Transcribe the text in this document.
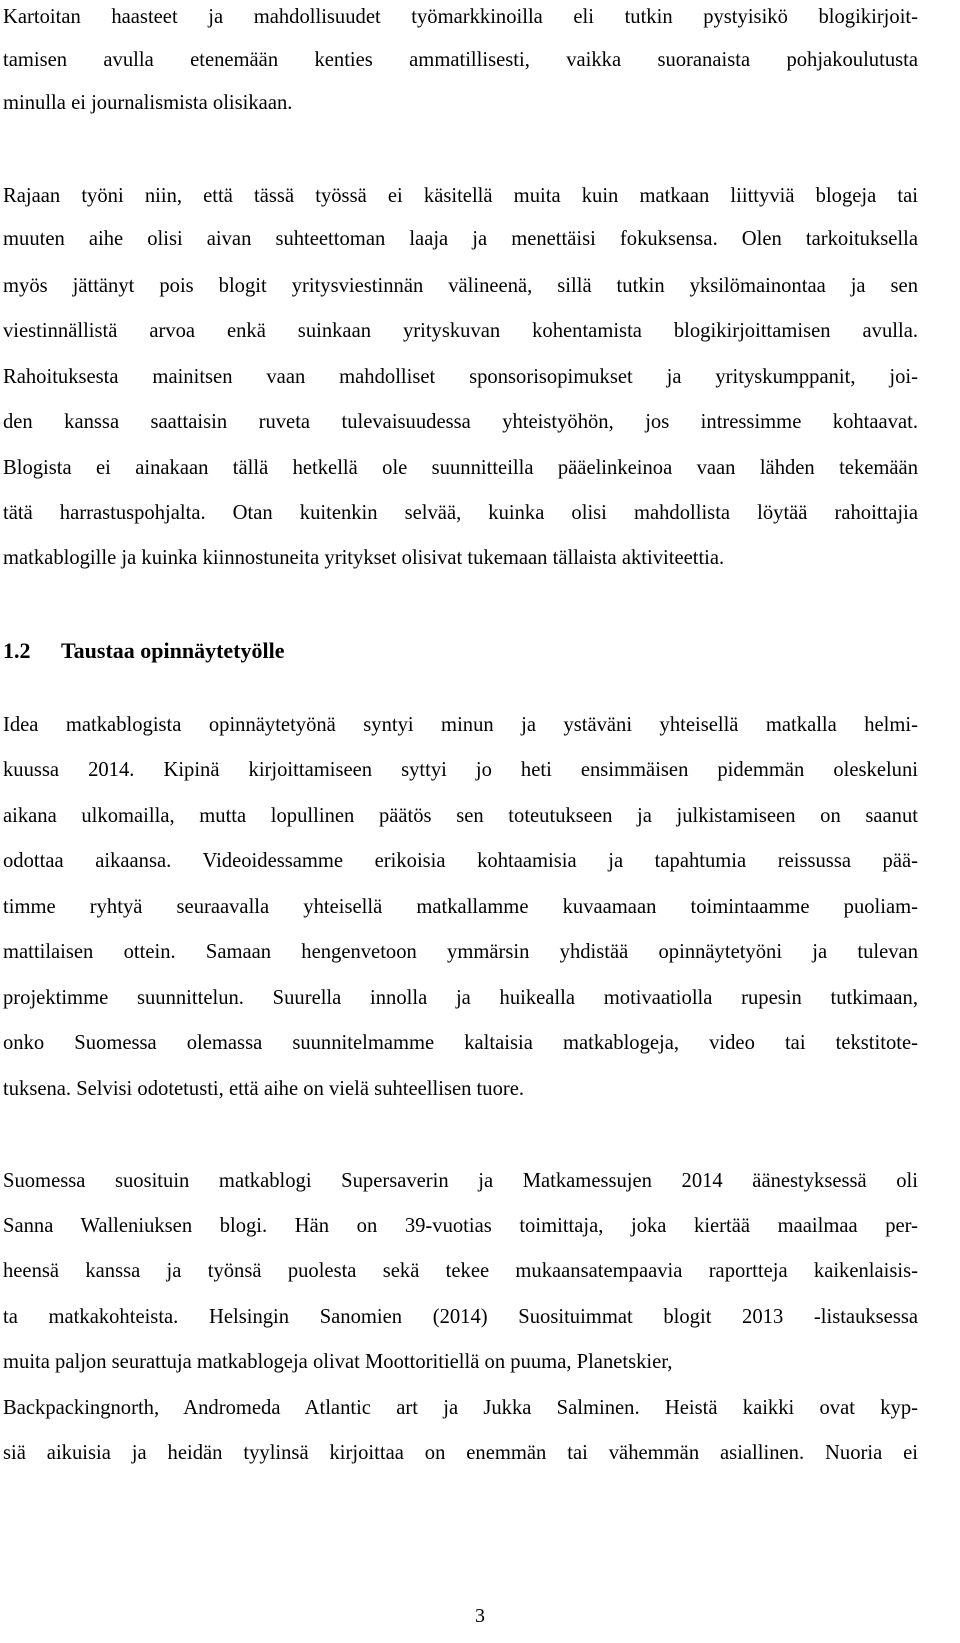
Kartoitan haasteet ja mahdollisuudet työmarkkinoilla eli tutkin pystyisikö blogikirjoit-
tamisen avulla etenemään kenties ammatillisesti, vaikka suoranaista pohjakoulutusta
minulla ei journalismista olisikaan.
Rajaan työni niin, että tässä työssä ei käsitellä muita kuin matkaan liittyviä blogeja tai
muuten aihe olisi aivan suhteettoman laaja ja menettäisi fokuksensa. Olen tarkoituksella
myös jättänyt pois blogit yritysviestinnän välineenä, sillä tutkin yksilömainontaa ja sen
viestinnällistä arvoa enkä suinkaan yrityskuvan kohentamista blogikirjoittamisen avulla.
Rahoituksesta mainitsen vaan mahdolliset sponsorisopimukset ja yrityskumppanit, joi-
den kanssa saattaisin ruveta tulevaisuudessa yhteistyöhön, jos intressimme kohtaavat.
Blogista ei ainakaan tällä hetkellä ole suunnitteilla pääelinkeinoa vaan lähden tekemään
tätä harrastuspohjalta. Otan kuitenkin selvää, kuinka olisi mahdollista löytää rahoittajia
matkablogille ja kuinka kiinnostuneita yritykset olisivat tukemaan tällaista aktiviteettia.
1.2 Taustaa opinnäytetyölle
Idea matkablogista opinnäytetyönä syntyi minun ja ystäväni yhteisellä matkalla helmi-
kuussa 2014. Kipinä kirjoittamiseen syttyi jo heti ensimmäisen pidemmän oleskeluni
aikana ulkomailla, mutta lopullinen päätös sen toteutukseen ja julkistamiseen on saanut
odottaa aikaansa. Videoidessamme erikoisia kohtaamisia ja tapahtumia reissussa pää-
timme ryhtyä seuraavalla yhteisellä matkallamme kuvaamaan toimintaamme puoliam-
mattilaisen ottein. Samaan hengenvetoon ymmärsin yhdistää opinnäytetyöni ja tulevan
projektimme suunnittelun. Suurella innolla ja huikealla motivaatiolla rupesin tutkimaan,
onko Suomessa olemassa suunnitelmamme kaltaisia matkablogeja, video tai tekstitote-
tuksena. Selvisi odotetusti, että aihe on vielä suhteellisen tuore.
Suomessa suosituin matkablogi Supersaverin ja Matkamessujen 2014 äänestyksessä oli
Sanna Walleniuksen blogi. Hän on 39-vuotias toimittaja, joka kiertää maailmaa per-
heensä kanssa ja työnsä puolesta sekä tekee mukaansatempaavia raportteja kaikenlaisis-
ta matkakohteista. Helsingin Sanomien (2014) Suosituimmat blogit 2013 -listauksessa
muita paljon seurattuja matkablogeja olivat Moottoritiellä on puuma, Planetskier,
Backpackingnorth, Andromeda Atlantic art ja Jukka Salminen. Heistä kaikki ovat kyp-
siä aikuisia ja heidän tyylinsä kirjoittaa on enemmän tai vähemmän asiallinen. Nuoria ei
3
